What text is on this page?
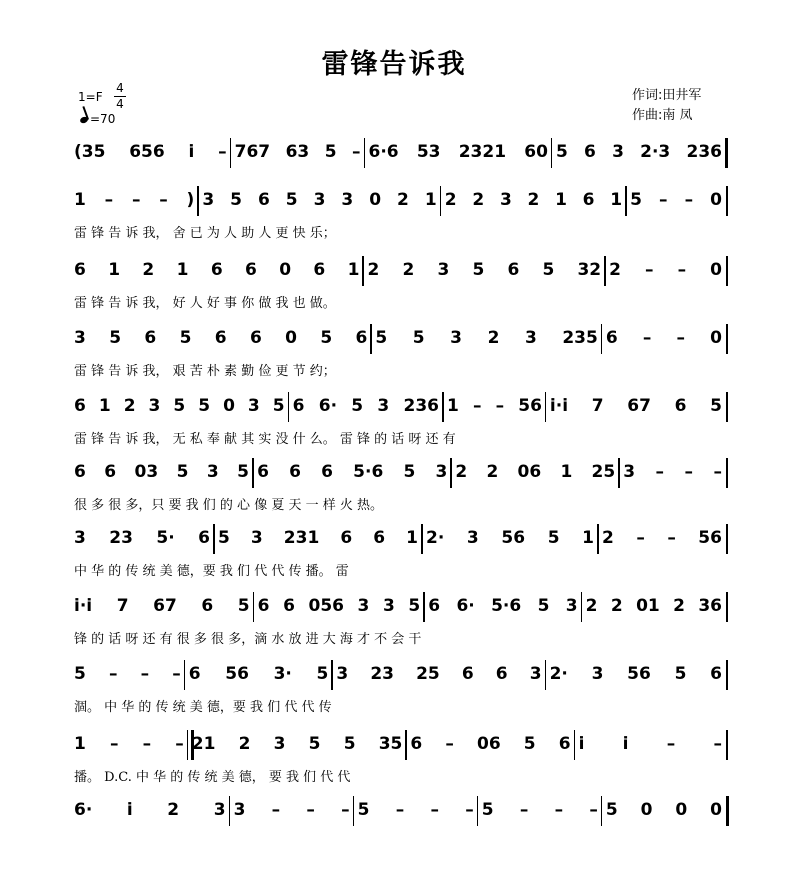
雷锋告诉我
1=F
4
4
=70
作词:田井军
作曲:南 凤
(35 656 i̇ – 767 63 5 – 6·6 53 2321 60 5 6 3 2·3 236
1 – – – ) 3 5 6 5 3 3 0 2 1 2 2 3 2 1 6 1 5 – – 0
雷 锋 告 诉 我， 舍 已 为 人 助 人 更 快 乐；
6 1 2 1 6 6 0 6 1 2 2 3 5 6 5 32 2 – – 0
雷 锋 告 诉 我， 好 人 好 事 你 做 我 也 做。
3 5 6 5 6 6 0 5 6 5 5 3 2 3 235 6 – – 0
雷 锋 告 诉 我， 艰 苦 朴 素 勤 俭 更 节 约；
6 1 2 3 5 5 0 3 5 6 6· 5 3 236 1 – – 56 i̇·i̇ 7 67 6 5
雷 锋 告 诉 我， 无 私 奉 献 其 实 没 什 么。 雷 锋 的 话 呀 还 有
6 6 03 5 3 5 6 6 6 5·6 5 3 2 2 06 1 25 3 – – –
很 多 很 多，只 要 我 们 的 心 像 夏 天 一 样 火 热。
3 23 5· 6 5 3 231 6 6 1 2· 3 56 5 1 2 – – 56
中 华 的 传 统 美 德，要 我 们 代 代 传 播。 雷
i̇·i̇ 7 67 6 5 6 6 056 3 3 5 6 6· 5·6 5 3 2 2 01 2 36
锋 的 话 呀 还 有 很 多 很 多，滴 水 放 进 大 海 才 不 会 干
5 – – – 6 56 3· 5 3 23 25 6 6 3 2· 3 56 5 6
涸。 中 华 的 传 统 美 德，要 我 们 代 代 传
1 – – – 21 2 3 5 5 35 6 – 06 5 6 i̇ i̇ – –
播。 D.C. 中 华 的 传 统 美 德， 要 我 们 代 代
6· i̇ 2 3 3 – – – 5 – – – 5 – – – 5 0 0 0
